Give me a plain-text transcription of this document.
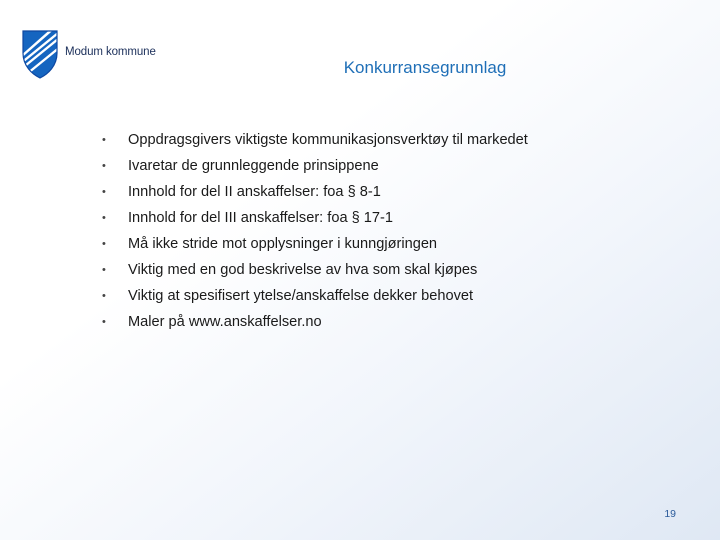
Modum kommune
Konkurransegrunnlag
• Oppdragsgivers viktigste kommunikasjonsverktøy til markedet
• Ivaretar de grunnleggende prinsippene
• Innhold for del II anskaffelser: foa § 8-1
• Innhold for del III anskaffelser: foa § 17-1
• Må ikke stride mot opplysninger i kunngjøringen
• Viktig med en god beskrivelse av hva som skal kjøpes
• Viktig at spesifisert ytelse/anskaffelse dekker behovet
• Maler på www.anskaffelser.no
19
